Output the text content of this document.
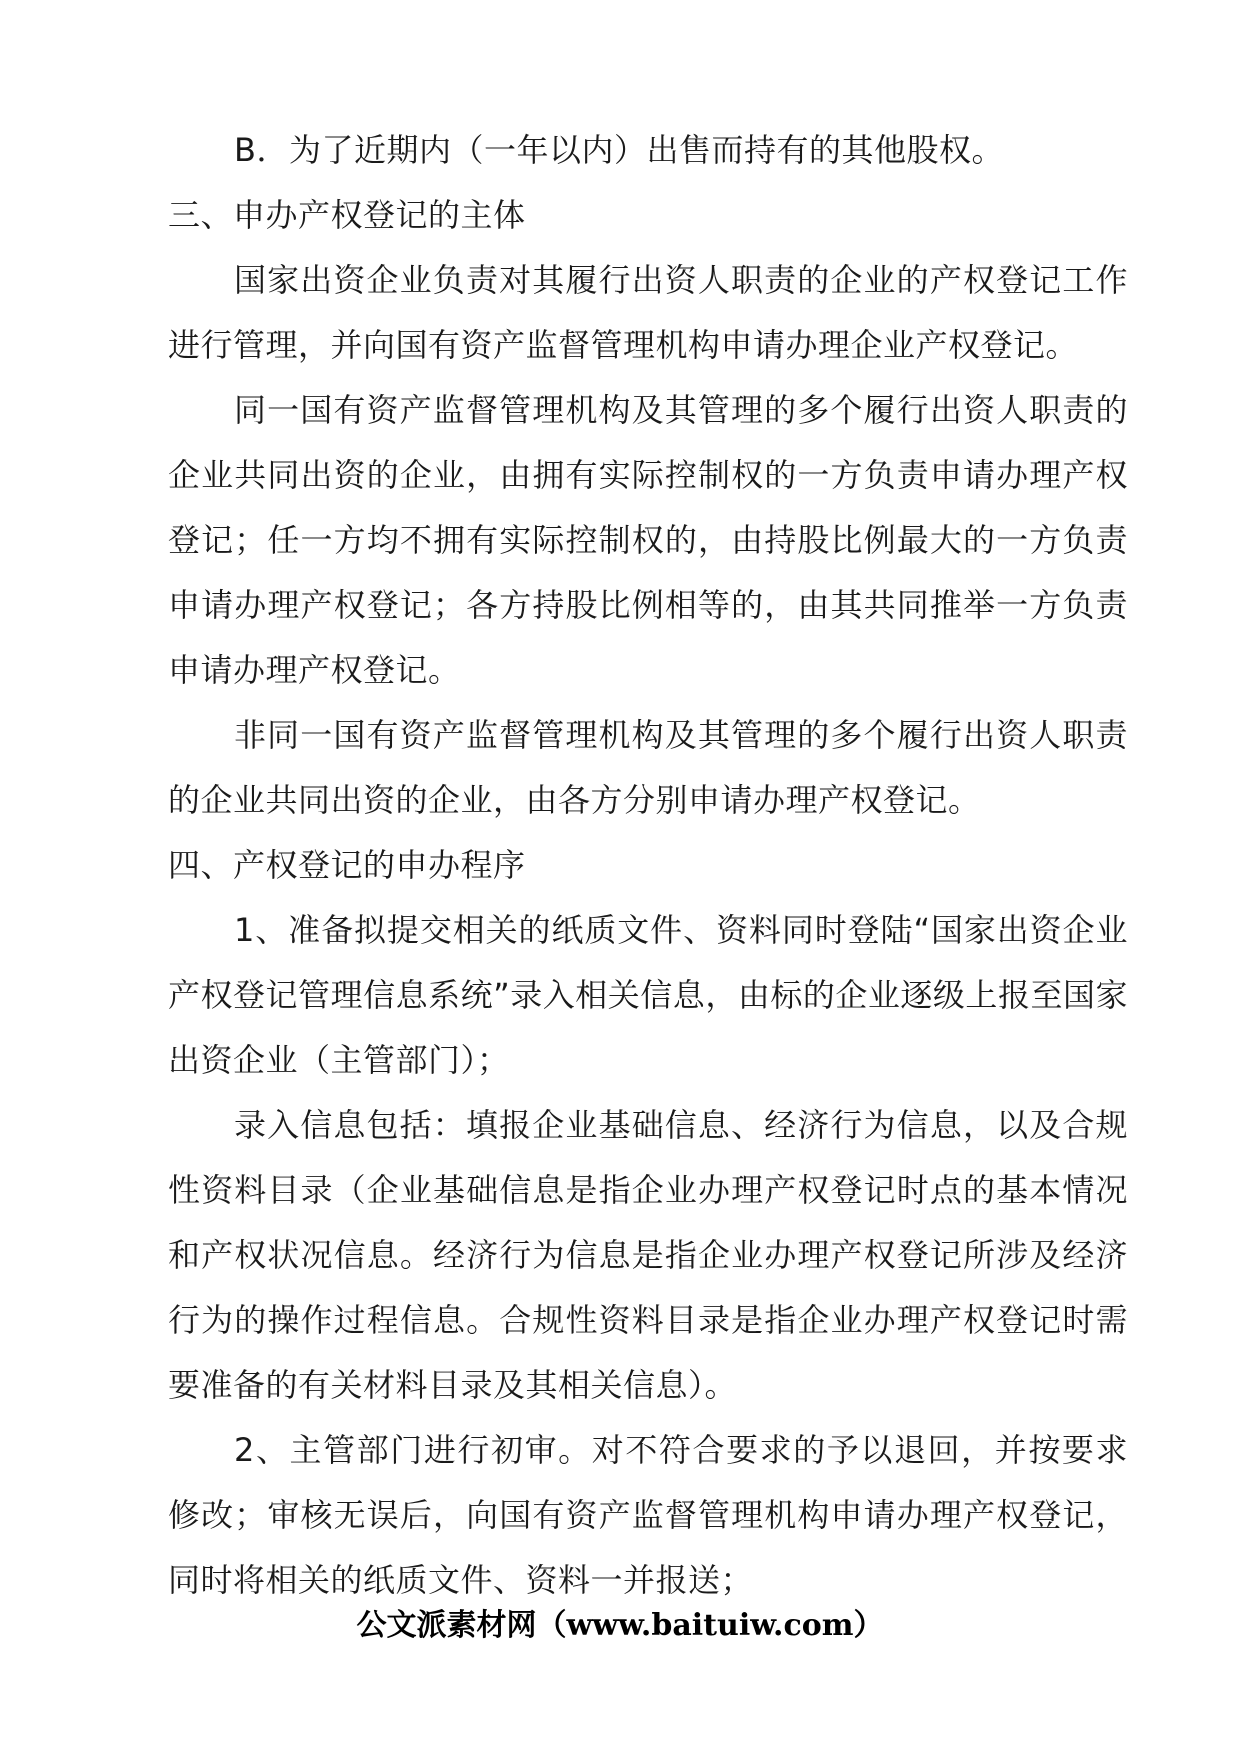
B．为了近期内（一年以内）出售而持有的其他股权。

三、申办产权登记的主体

国家出资企业负责对其履行出资人职责的企业的产权登记工作进行管理，并向国有资产监督管理机构申请办理企业产权登记。

同一国有资产监督管理机构及其管理的多个履行出资人职责的企业共同出资的企业，由拥有实际控制权的一方负责申请办理产权登记；任一方均不拥有实际控制权的，由持股比例最大的一方负责申请办理产权登记；各方持股比例相等的，由其共同推举一方负责申请办理产权登记。

非同一国有资产监督管理机构及其管理的多个履行出资人职责的企业共同出资的企业，由各方分别申请办理产权登记。

四、产权登记的申办程序

1、准备拟提交相关的纸质文件、资料同时登陆“国家出资企业产权登记管理信息系统”录入相关信息，由标的企业逐级上报至国家出资企业（主管部门）；

录入信息包括：填报企业基础信息、经济行为信息，以及合规性资料目录（企业基础信息是指企业办理产权登记时点的基本情况和产权状况信息。经济行为信息是指企业办理产权登记所涉及经济行为的操作过程信息。合规性资料目录是指企业办理产权登记时需要准备的有关材料目录及其相关信息）。

2、主管部门进行初审。对不符合要求的予以退回，并按要求修改；审核无误后，向国有资产监督管理机构申请办理产权登记，同时将相关的纸质文件、资料一并报送；

公文派素材网（www.baituiw.com）
